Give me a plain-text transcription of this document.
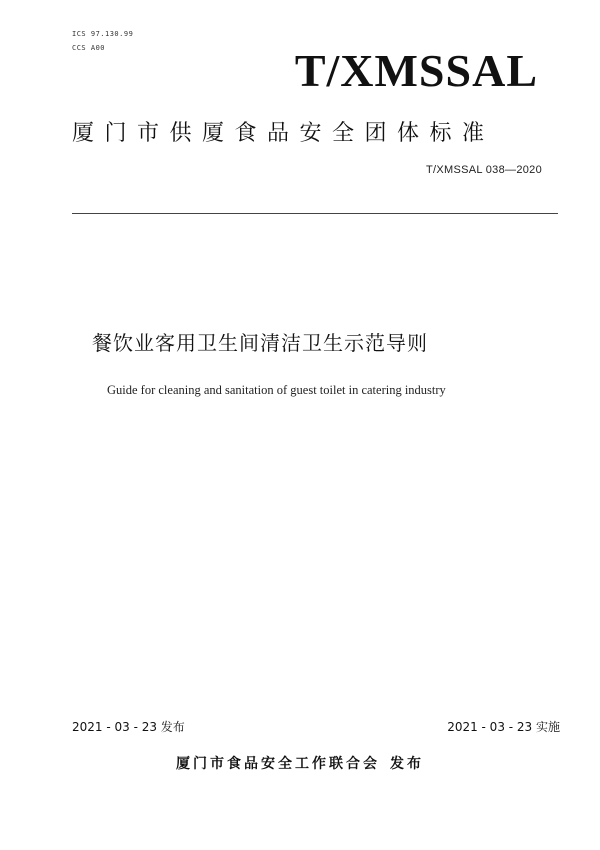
ICS 97.130.99
CCS A00	T/XMSSAL
厦门市供厦食品安全团体标准
T/XMSSAL 038—2020
餐饮业客用卫生间清洁卫生示范导则
Guide for cleaning and sanitation of guest toilet in catering industry
2021 - 03 - 23 发布	2021 - 03 - 23 实施
厦门市食品安全工作联合会 发布
